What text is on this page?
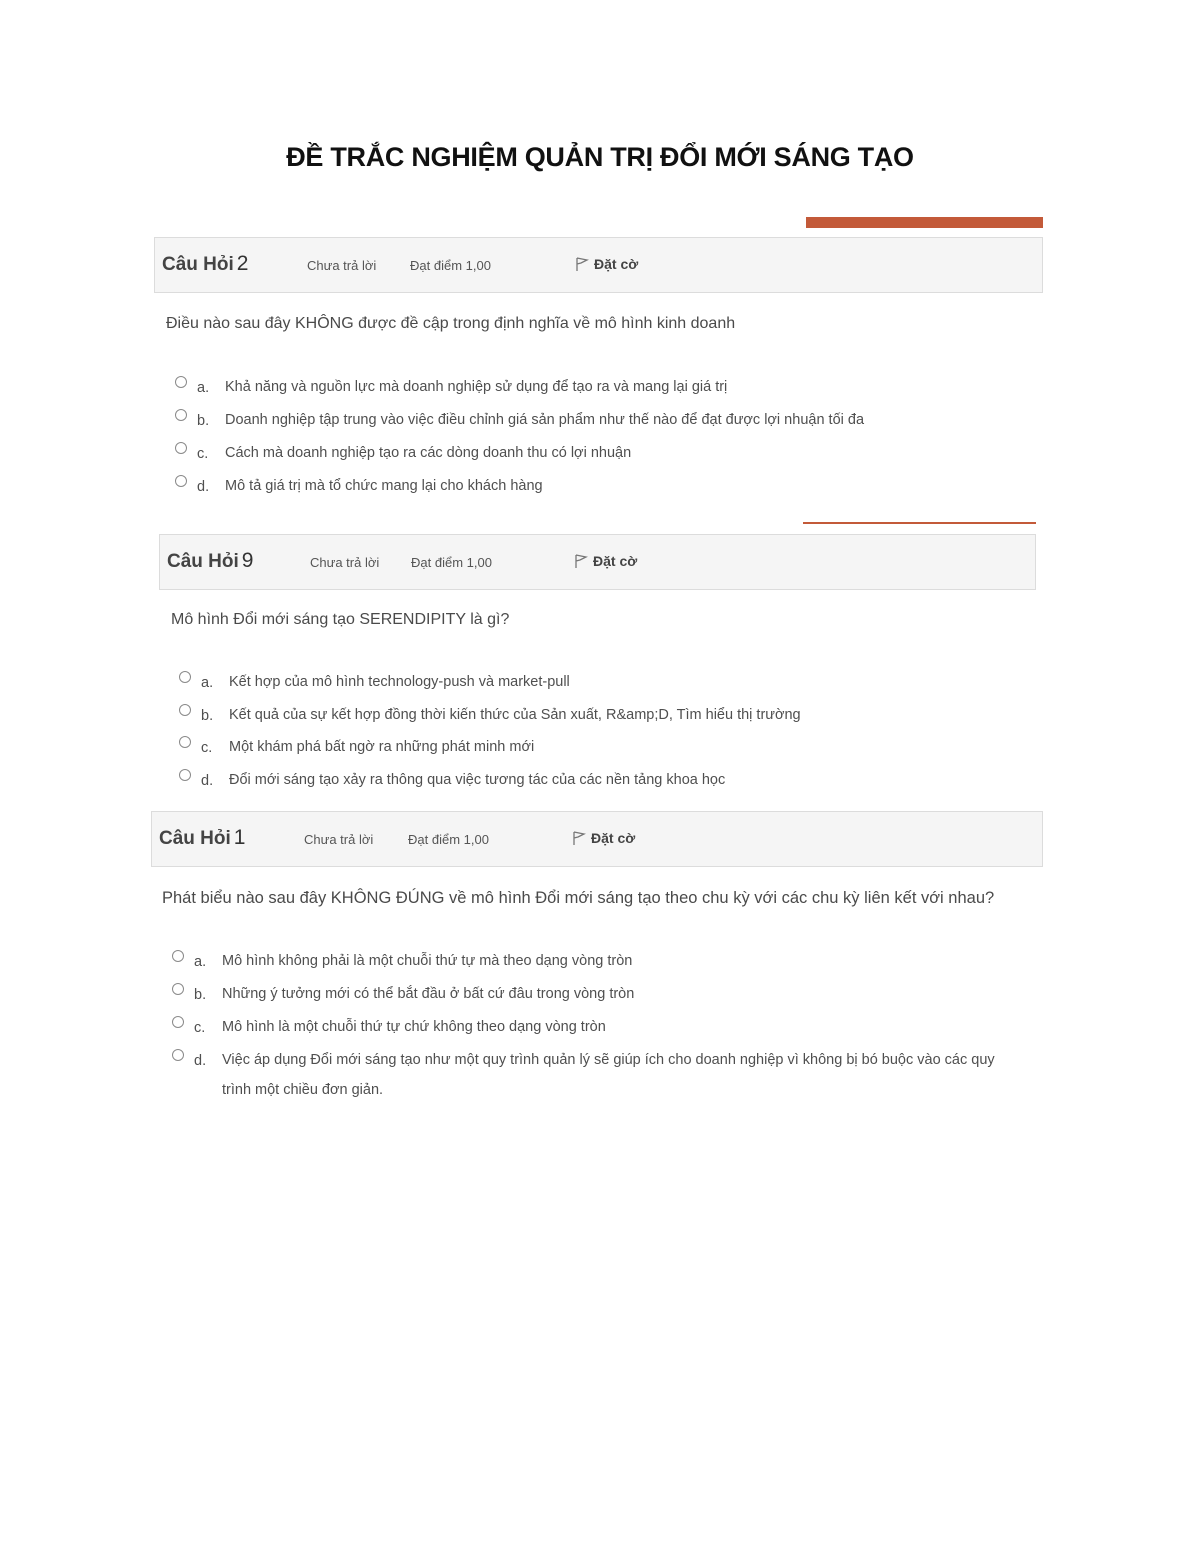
ĐỀ TRẮC NGHIỆM QUẢN TRỊ ĐỔI MỚI SÁNG TẠO
Câu Hỏi 2	Chưa trả lời	Đạt điểm 1,00	Đặt cờ
Điều nào sau đây KHÔNG được đề cập trong định nghĩa về mô hình kinh doanh
a.	Khả năng và nguồn lực mà doanh nghiệp sử dụng để tạo ra và mang lại giá trị
b.	Doanh nghiệp tập trung vào việc điều chỉnh giá sản phẩm như thế nào để đạt được lợi nhuận tối đa
c.	Cách mà doanh nghiệp tạo ra các dòng doanh thu có lợi nhuận
d.	Mô tả giá trị mà tổ chức mang lại cho khách hàng
Câu Hỏi 9	Chưa trả lời Đạt điểm 1,00	Đặt cờ
Mô hình Đổi mới sáng tạo SERENDIPITY là gì?
a.	Kết hợp của mô hình technology-push và market-pull
b.	Kết quả của sự kết hợp đồng thời kiến thức của Sản xuất, R&amp;D, Tìm hiểu thị trường
c.	Một khám phá bất ngờ ra những phát minh mới
d.	Đổi mới sáng tạo xảy ra thông qua việc tương tác của các nền tảng khoa học
Câu Hỏi 1	Chưa trả lời	Đạt điểm 1,00	Đặt cờ
Phát biểu nào sau đây KHÔNG ĐÚNG về mô hình Đổi mới sáng tạo theo chu kỳ với các chu kỳ liên kết với nhau?
a.	Mô hình không phải là một chuỗi thứ tự mà theo dạng vòng tròn
b.	Những ý tưởng mới có thể bắt đầu ở bất cứ đâu trong vòng tròn
c.	Mô hình là một chuỗi thứ tự chứ không theo dạng vòng tròn
d.	Việc áp dụng Đổi mới sáng tạo như một quy trình quản lý sẽ giúp ích cho doanh nghiệp vì không bị bó buộc vào các quy trình một chiều đơn giản.
